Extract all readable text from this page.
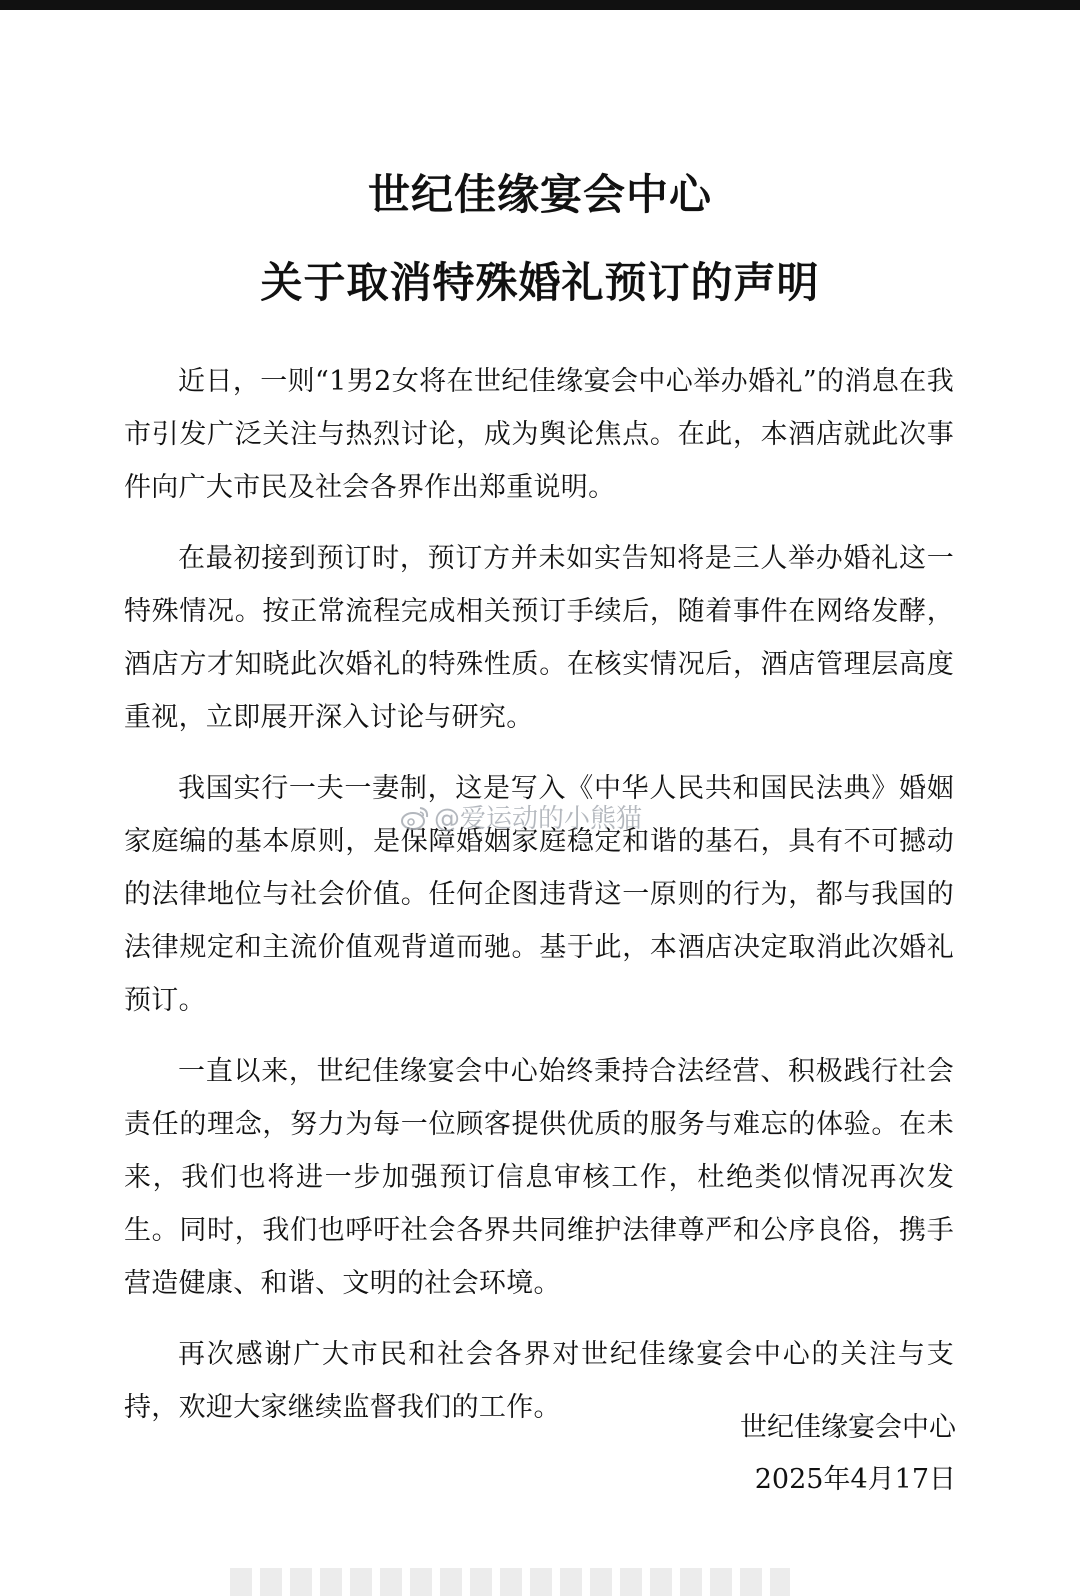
世纪佳缘宴会中心
关于取消特殊婚礼预订的声明

近日，一则“1男2女将在世纪佳缘宴会中心举办婚礼”的消息在我市引发广泛关注与热烈讨论，成为舆论焦点。在此，本酒店就此次事件向广大市民及社会各界作出郑重说明。

在最初接到预订时，预订方并未如实告知将是三人举办婚礼这一特殊情况。按正常流程完成相关预订手续后，随着事件在网络发酵，酒店方才知晓此次婚礼的特殊性质。在核实情况后，酒店管理层高度重视，立即展开深入讨论与研究。

我国实行一夫一妻制，这是写入《中华人民共和国民法典》婚姻家庭编的基本原则，是保障婚姻家庭稳定和谐的基石，具有不可撼动的法律地位与社会价值。任何企图违背这一原则的行为，都与我国的法律规定和主流价值观背道而驰。基于此，本酒店决定取消此次婚礼预订。

一直以来，世纪佳缘宴会中心始终秉持合法经营、积极践行社会责任的理念，努力为每一位顾客提供优质的服务与难忘的体验。在未来，我们也将进一步加强预订信息审核工作，杜绝类似情况再次发生。同时，我们也呼吁社会各界共同维护法律尊严和公序良俗，携手营造健康、和谐、文明的社会环境。

再次感谢广大市民和社会各界对世纪佳缘宴会中心的关注与支持，欢迎大家继续监督我们的工作。

世纪佳缘宴会中心
2025年4月17日
@爱运动的小熊猫
